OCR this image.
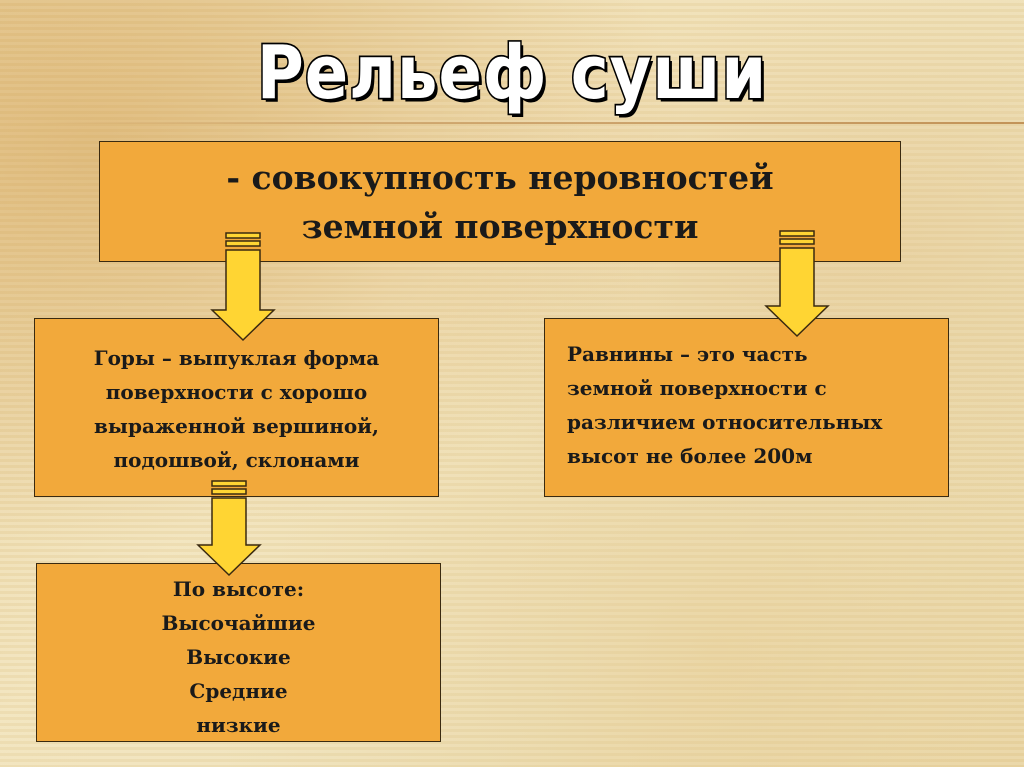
Рельеф суши
- совокупность неровностей
земной поверхности
Горы – выпуклая форма
поверхности с хорошо
выраженной вершиной,
подошвой, склонами
Равнины – это часть
земной поверхности с
различием относительных
высот не более 200м
По высоте:
Высочайшие
Высокие
Средние
низкие
